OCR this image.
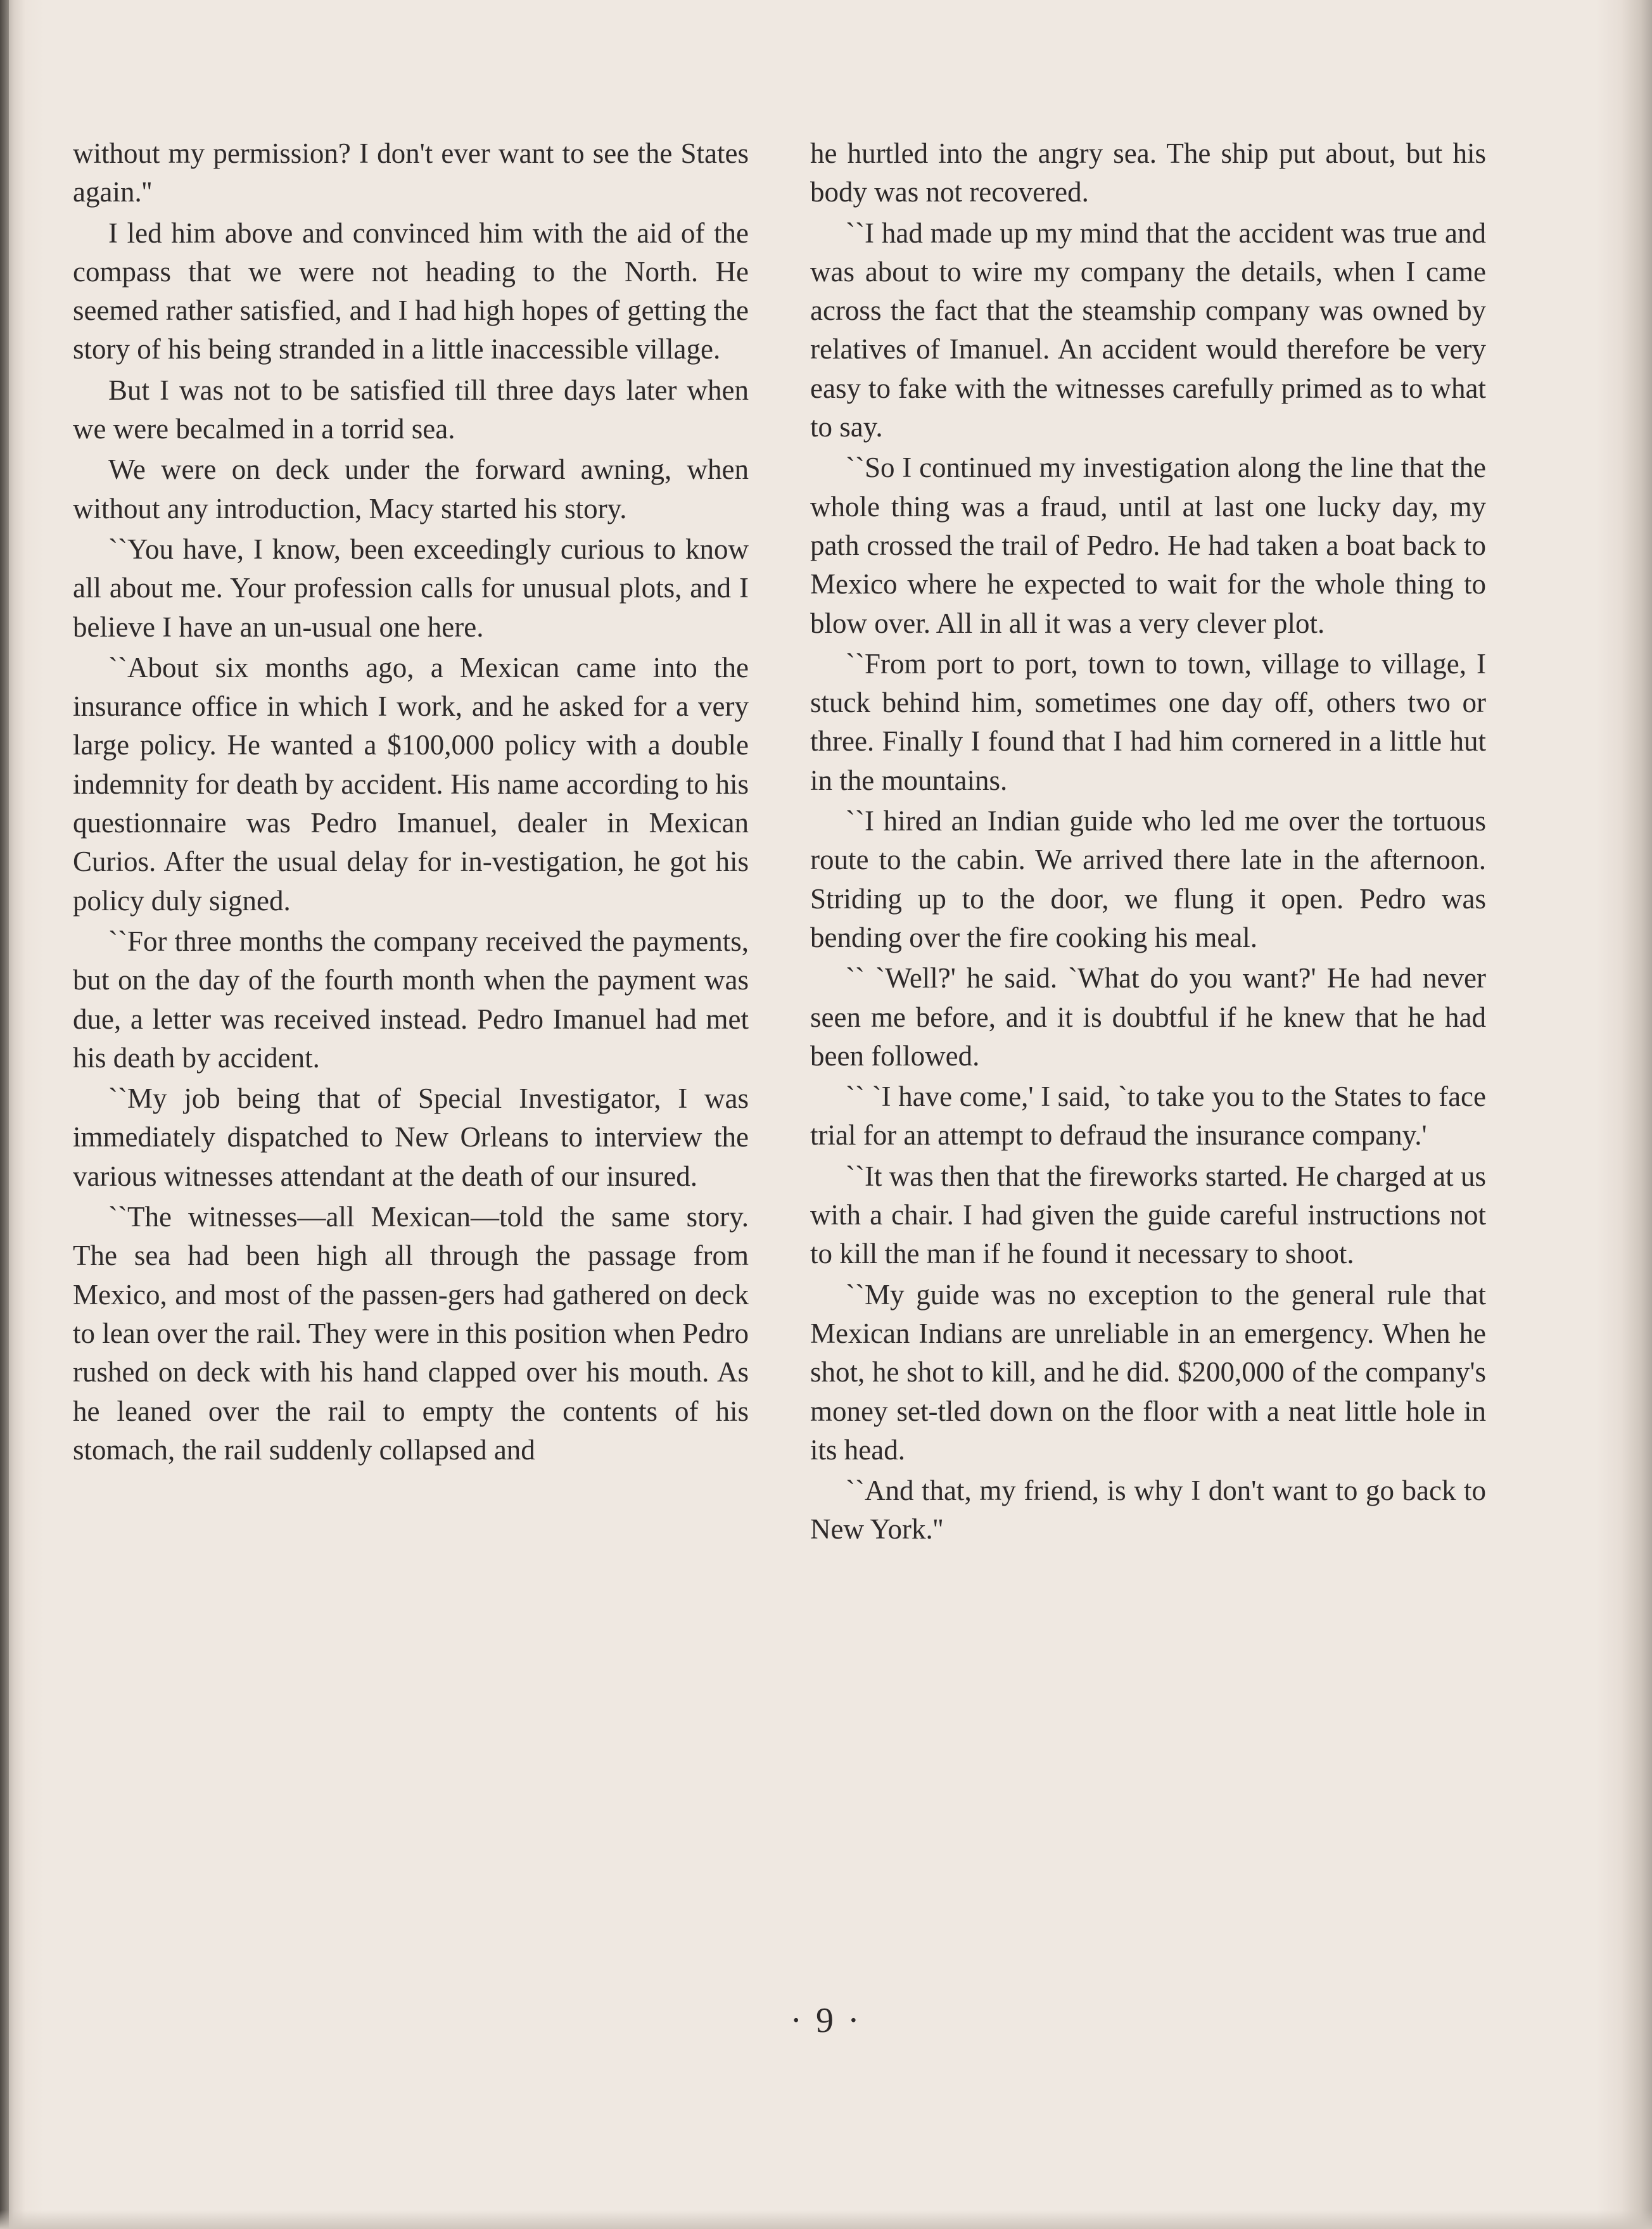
without my permission? I don't ever want to see the States again.''

I led him above and convinced him with the aid of the compass that we were not heading to the North. He seemed rather satisfied, and I had high hopes of getting the story of his being stranded in a little inaccessible village.

But I was not to be satisfied till three days later when we were becalmed in a torrid sea.

We were on deck under the forward awning, when without any introduction, Macy started his story.

``You have, I know, been exceedingly curious to know all about me. Your profession calls for unusual plots, and I believe I have an un-usual one here.

``About six months ago, a Mexican came into the insurance office in which I work, and he asked for a very large policy. He wanted a $100,000 policy with a double indemnity for death by accident. His name according to his questionnaire was Pedro Imanuel, dealer in Mexican Curios. After the usual delay for in-vestigation, he got his policy duly signed.

``For three months the company received the payments, but on the day of the fourth month when the payment was due, a letter was received instead. Pedro Imanuel had met his death by accident.

``My job being that of Special Investigator, I was immediately dispatched to New Orleans to interview the various witnesses attendant at the death of our insured.

``The witnesses—all Mexican—told the same story. The sea had been high all through the passage from Mexico, and most of the passen-gers had gathered on deck to lean over the rail. They were in this position when Pedro rushed on deck with his hand clapped over his mouth. As he leaned over the rail to empty the contents of his stomach, the rail suddenly collapsed and

he hurtled into the angry sea. The ship put about, but his body was not recovered.

``I had made up my mind that the accident was true and was about to wire my company the details, when I came across the fact that the steamship company was owned by relatives of Imanuel. An accident would therefore be very easy to fake with the witnesses carefully primed as to what to say.

``So I continued my investigation along the line that the whole thing was a fraud, until at last one lucky day, my path crossed the trail of Pedro. He had taken a boat back to Mexico where he expected to wait for the whole thing to blow over. All in all it was a very clever plot.

``From port to port, town to town, village to village, I stuck behind him, sometimes one day off, others two or three. Finally I found that I had him cornered in a little hut in the mountains.

``I hired an Indian guide who led me over the tortuous route to the cabin. We arrived there late in the afternoon. Striding up to the door, we flung it open. Pedro was bending over the fire cooking his meal.

`` `Well?' he said. `What do you want?' He had never seen me before, and it is doubtful if he knew that he had been followed.

`` `I have come,' I said, `to take you to the States to face trial for an attempt to defraud the insurance company.'

``It was then that the fireworks started. He charged at us with a chair. I had given the guide careful instructions not to kill the man if he found it necessary to shoot.

``My guide was no exception to the general rule that Mexican Indians are unreliable in an emergency. When he shot, he shot to kill, and he did. $200,000 of the company's money set-tled down on the floor with a neat little hole in its head.

``And that, my friend, is why I don't want to go back to New York.''

· 9 ·
